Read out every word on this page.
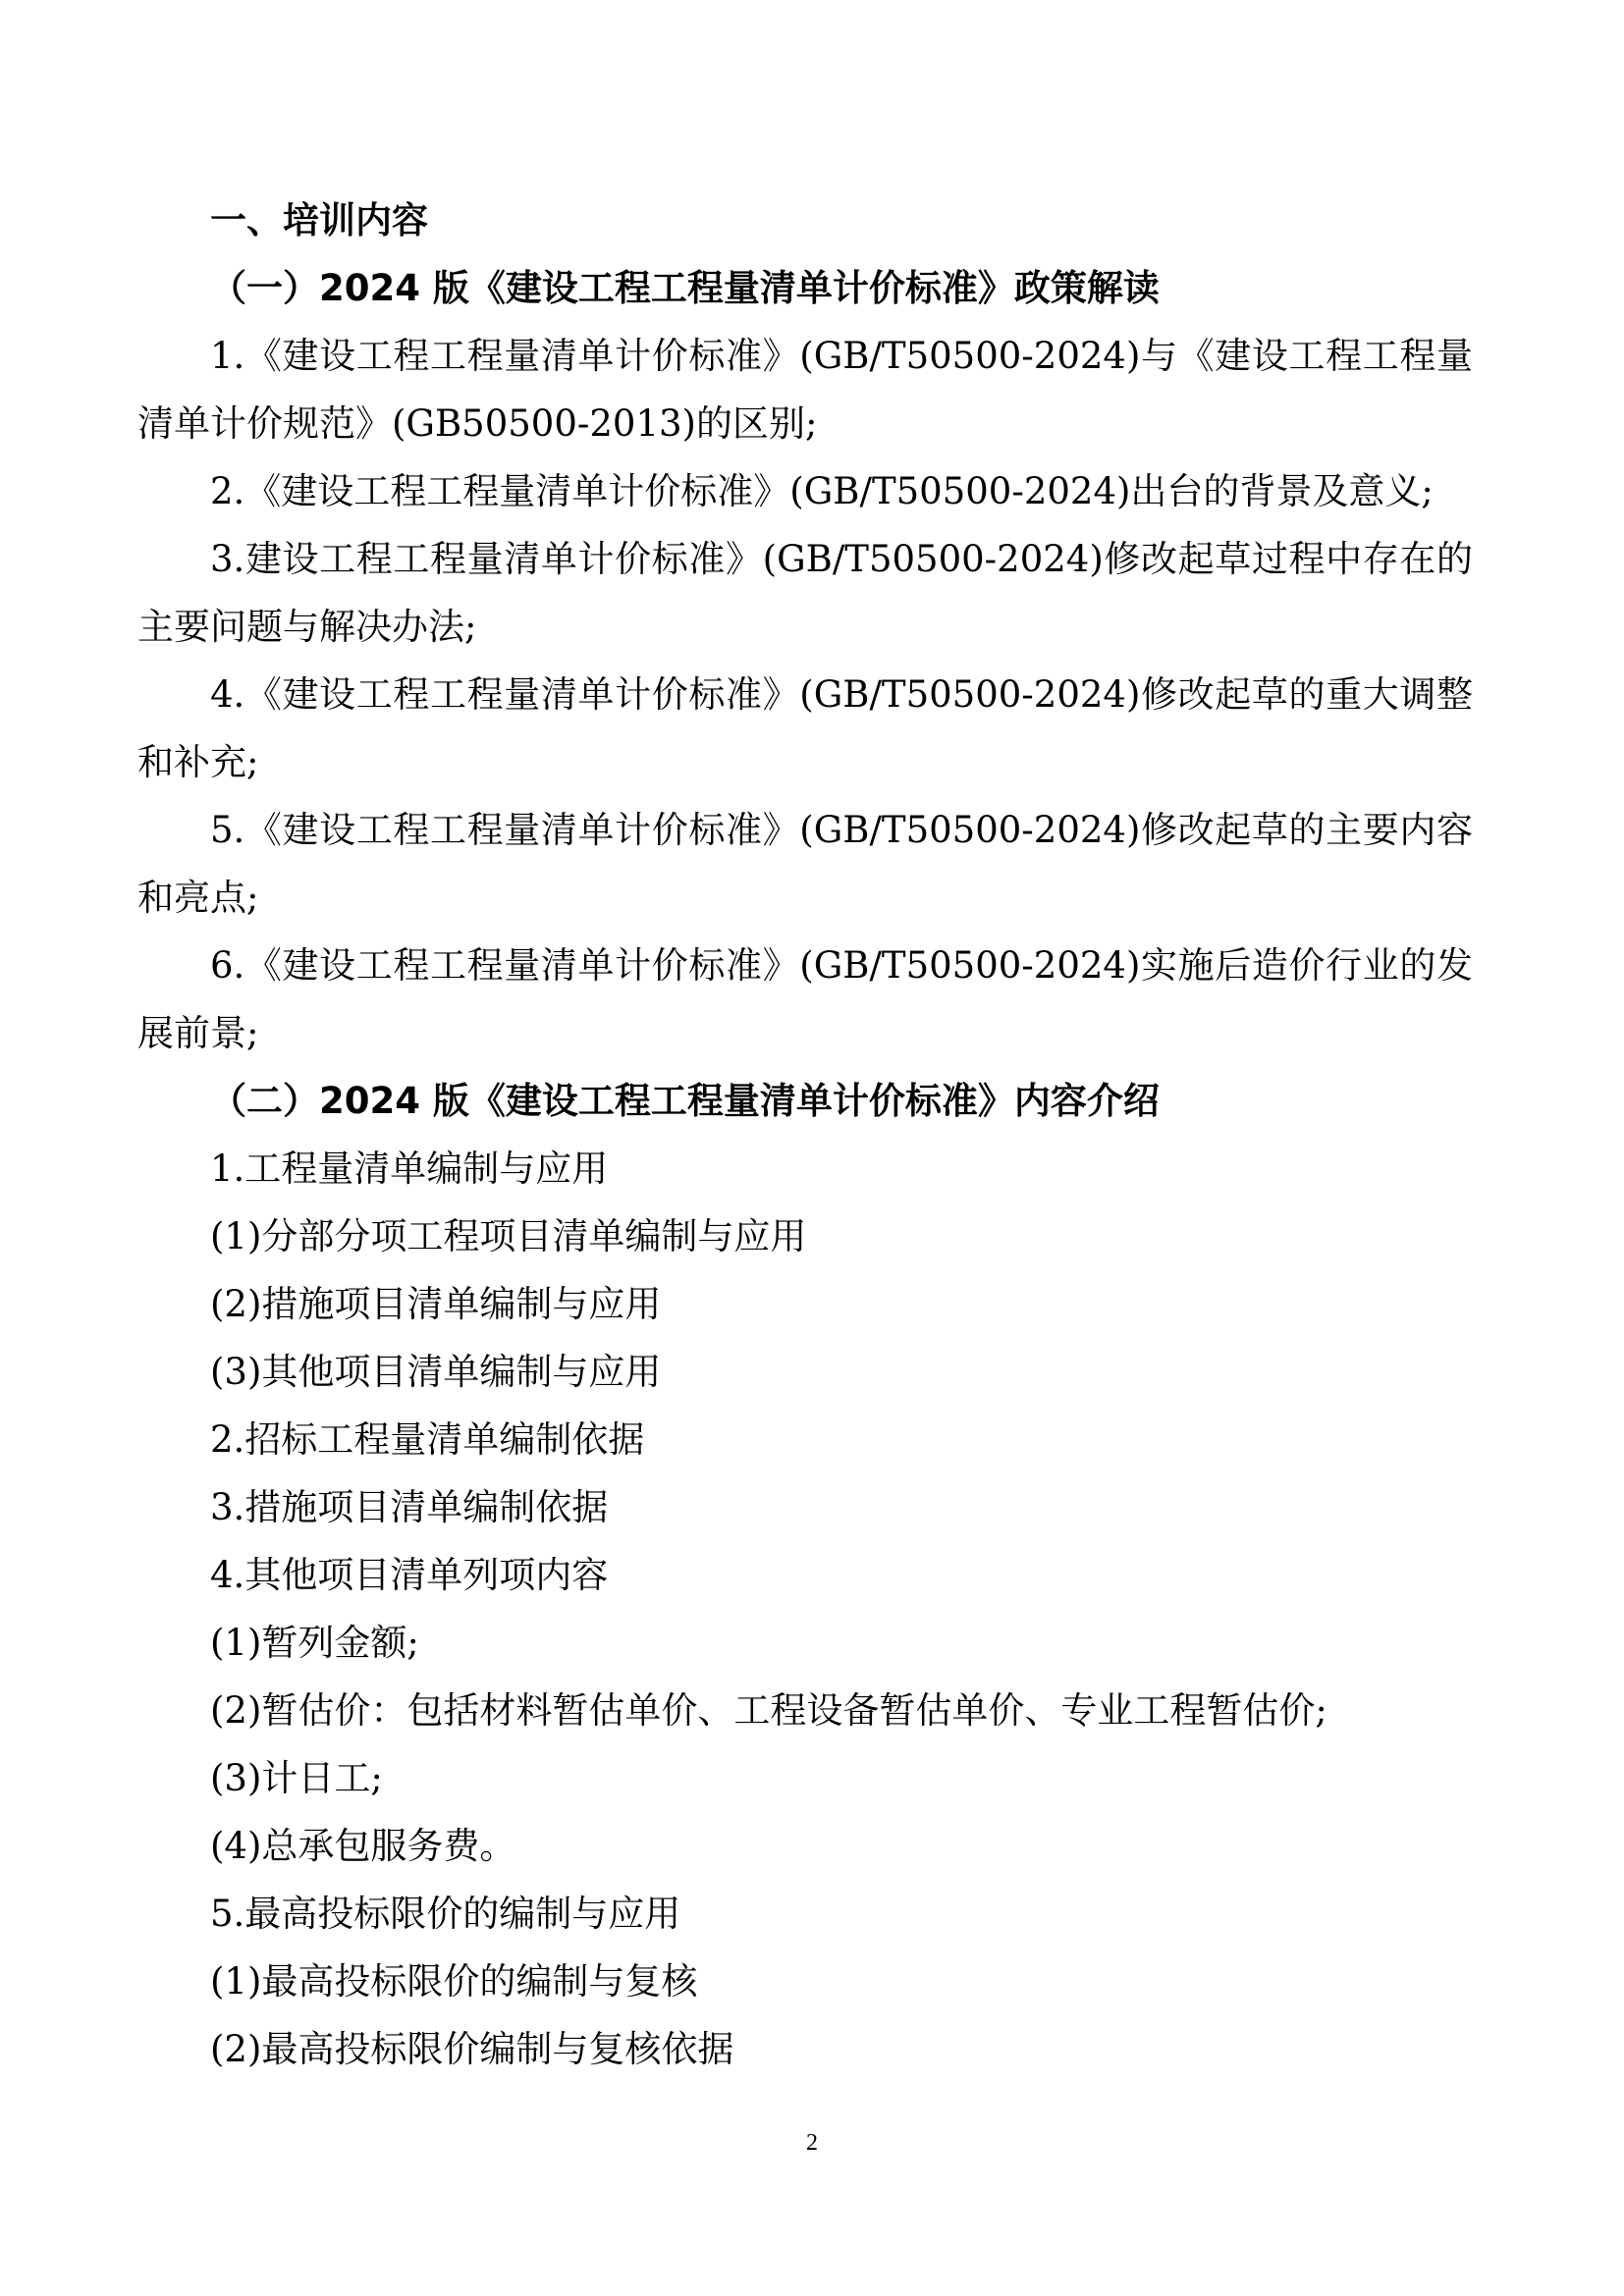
一、培训内容

（一）2024 版《建设工程工程量清单计价标准》政策解读

1.《建设工程工程量清单计价标准》(GB/T50500-2024)与《建设工程工程量清单计价规范》(GB50500-2013)的区别;

2.《建设工程工程量清单计价标准》(GB/T50500-2024)出台的背景及意义;

3.建设工程工程量清单计价标准》(GB/T50500-2024)修改起草过程中存在的主要问题与解决办法;

4.《建设工程工程量清单计价标准》(GB/T50500-2024)修改起草的重大调整和补充;

5.《建设工程工程量清单计价标准》(GB/T50500-2024)修改起草的主要内容和亮点;

6.《建设工程工程量清单计价标准》(GB/T50500-2024)实施后造价行业的发展前景;

（二）2024 版《建设工程工程量清单计价标准》内容介绍

1.工程量清单编制与应用

(1)分部分项工程项目清单编制与应用

(2)措施项目清单编制与应用

(3)其他项目清单编制与应用

2.招标工程量清单编制依据

3.措施项目清单编制依据

4.其他项目清单列项内容

(1)暂列金额;

(2)暂估价：包括材料暂估单价、工程设备暂估单价、专业工程暂估价;

(3)计日工;

(4)总承包服务费。

5.最高投标限价的编制与应用

(1)最高投标限价的编制与复核

(2)最高投标限价编制与复核依据

2
